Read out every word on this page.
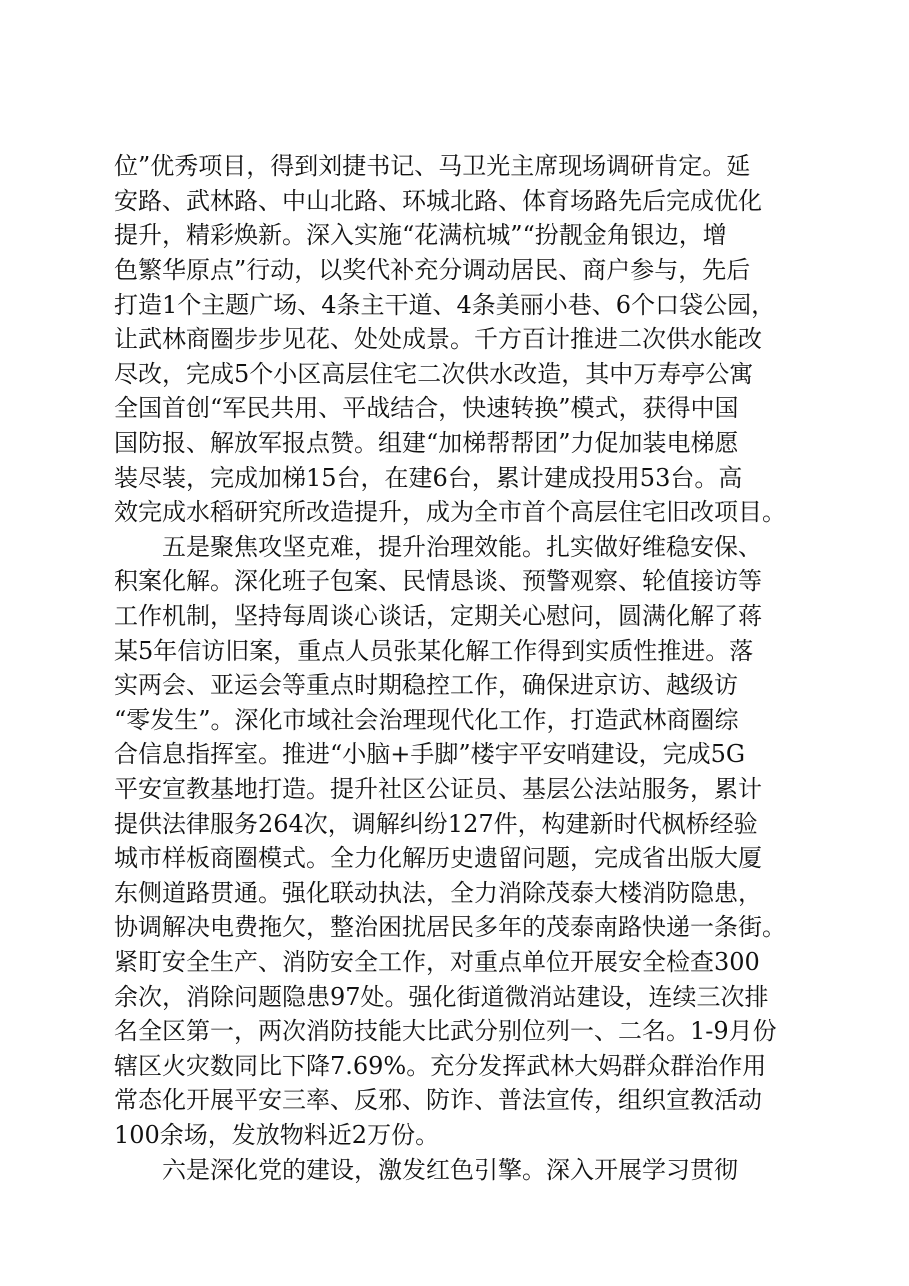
位”优秀项目，得到刘捷书记、马卫光主席现场调研肯定。延

安路、武林路、中山北路、环城北路、体育场路先后完成优化

提升，精彩焕新。深入实施“花满杭城”“扮靓金角银边，增

色繁华原点”行动，以奖代补充分调动居民、商户参与，先后

打造1个主题广场、4条主干道、4条美丽小巷、6个口袋公园，

让武林商圈步步见花、处处成景。千方百计推进二次供水能改

尽改，完成5个小区高层住宅二次供水改造，其中万寿亭公寓

全国首创“军民共用、平战结合，快速转换”模式，获得中国

国防报、解放军报点赞。组建“加梯帮帮团”力促加装电梯愿

装尽装，完成加梯15台，在建6台，累计建成投用53台。高

效完成水稻研究所改造提升，成为全市首个高层住宅旧改项目。

五是聚焦攻坚克难，提升治理效能。扎实做好维稳安保、

积案化解。深化班子包案、民情恳谈、预警观察、轮值接访等

工作机制，坚持每周谈心谈话，定期关心慰问，圆满化解了蒋

某5年信访旧案，重点人员张某化解工作得到实质性推进。落

实两会、亚运会等重点时期稳控工作，确保进京访、越级访

“零发生”。深化市域社会治理现代化工作，打造武林商圈综

合信息指挥室。推进“小脑+手脚”楼宇平安哨建设，完成5G

平安宣教基地打造。提升社区公证员、基层公法站服务，累计

提供法律服务264次，调解纠纷127件，构建新时代枫桥经验

城市样板商圈模式。全力化解历史遗留问题，完成省出版大厦

东侧道路贯通。强化联动执法，全力消除茂泰大楼消防隐患，

协调解决电费拖欠，整治困扰居民多年的茂泰南路快递一条街。

紧盯安全生产、消防安全工作，对重点单位开展安全检查300

余次，消除问题隐患97处。强化街道微消站建设，连续三次排

名全区第一，两次消防技能大比武分别位列一、二名。1-9月份

辖区火灾数同比下降7.69%。充分发挥武林大妈群众群治作用

常态化开展平安三率、反邪、防诈、普法宣传，组织宣教活动

100余场，发放物料近2万份。

六是深化党的建设，激发红色引擎。深入开展学习贯彻
